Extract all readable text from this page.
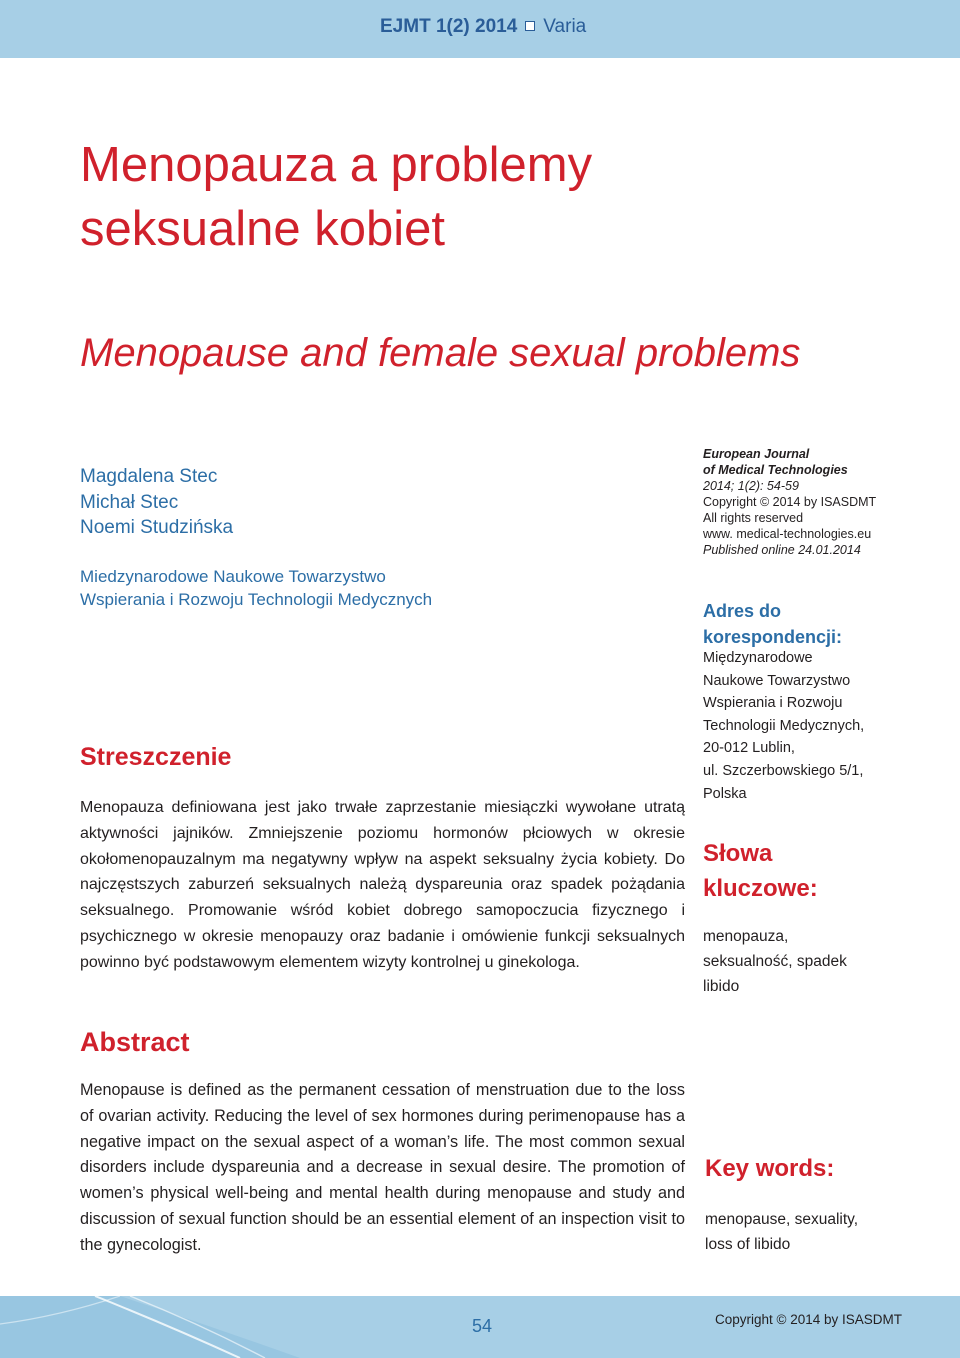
EJMT 1(2) 2014 Varia
Menopauza a problemy
seksualne kobiet
Menopause and female sexual problems
Magdalena Stec
Michał Stec
Noemi Studzińska
Miedzynarodowe Naukowe Towarzystwo
Wspierania i Rozwoju Technologii Medycznych
Streszczenie
Menopauza definiowana jest jako trwałe zaprzestanie miesiączki wywołane utratą aktywności jajników. Zmniejszenie poziomu hormonów płciowych w okresie okołomenopauzalnym ma negatywny wpływ na aspekt seksualny życia kobiety. Do najczęstszych zaburzeń seksualnych należą dyspareunia oraz spadek pożądania seksualnego. Promowanie wśród kobiet dobrego samopoczucia fizycznego i psychicznego w okresie menopauzy oraz badanie i omówienie funkcji seksualnych powinno być podstawowym elementem wizyty kontrolnej u ginekologa.
Abstract
Menopause is defined as the permanent cessation of menstruation due to the loss of ovarian activity. Reducing the level of sex hormones during perimenopause has a negative impact on the sexual aspect of a woman’s life. The most common sexual disorders include dyspareunia and a decrease in sexual desire. The promotion of women’s physical well-being and mental health during menopause and study and discussion of sexual function should be an essential element of an inspection visit to the gynecologist.
European Journal
of Medical Technologies
2014; 1(2): 54-59
Copyright © 2014 by ISASDMT
All rights reserved
www. medical-technologies.eu
Published online 24.01.2014
Adres do
korespondencji:
Międzynarodowe
Naukowe Towarzystwo
Wspierania i Rozwoju
Technologii Medycznych,
20-012 Lublin,
ul. Szczerbowskiego 5/1,
Polska
Słowa
kluczowe:
menopauza,
seksualność, spadek
libido
Key words:
menopause, sexuality,
loss of libido
54	Copyright © 2014 by ISASDMT
